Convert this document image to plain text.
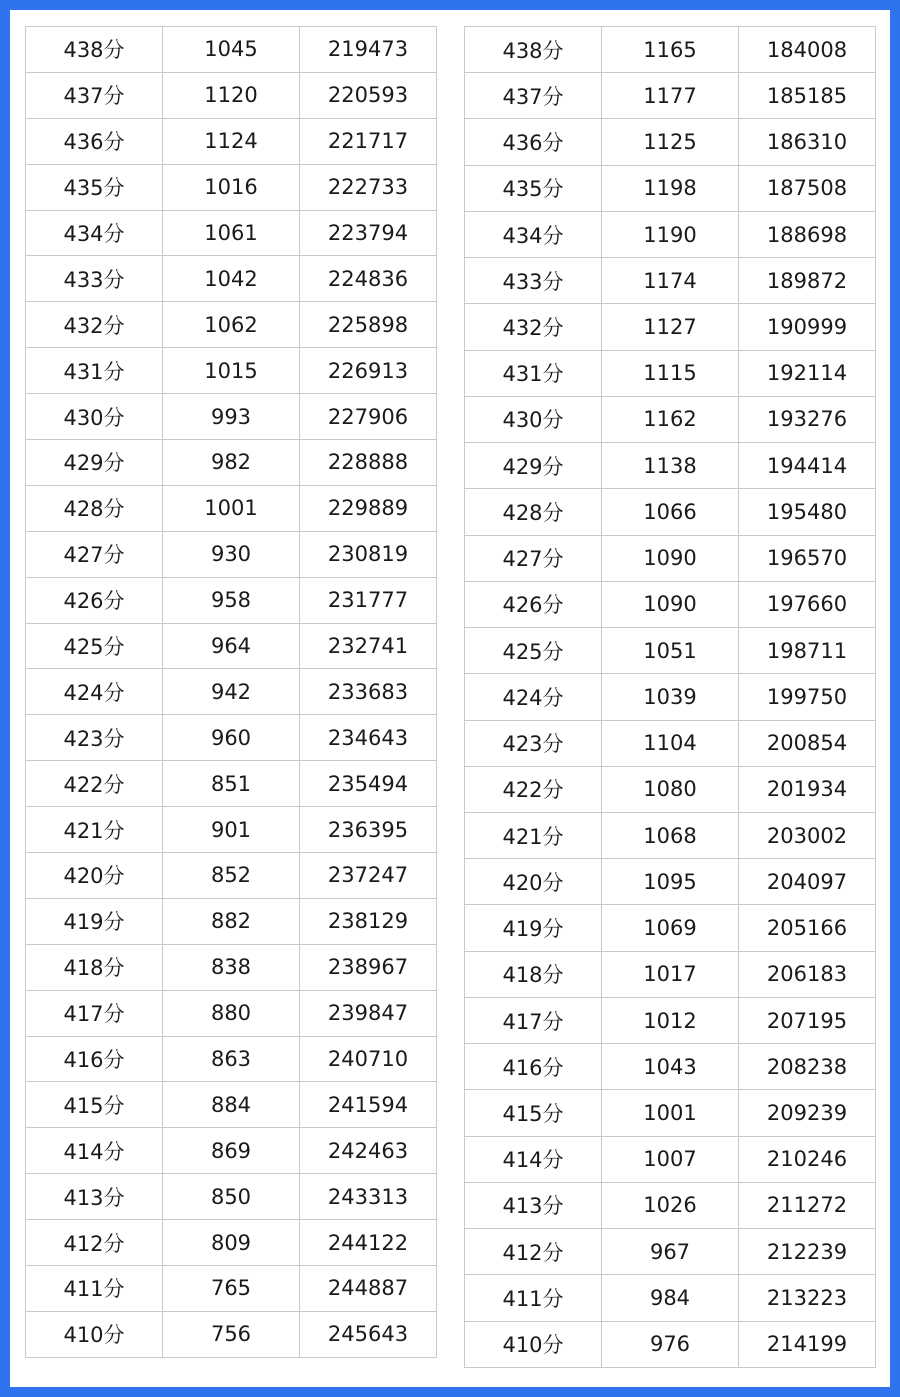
438分	1045	219473
437分	1120	220593
436分	1124	221717
435分	1016	222733
434分	1061	223794
433分	1042	224836
432分	1062	225898
431分	1015	226913
430分	993	227906
429分	982	228888
428分	1001	229889
427分	930	230819
426分	958	231777
425分	964	232741
424分	942	233683
423分	960	234643
422分	851	235494
421分	901	236395
420分	852	237247
419分	882	238129
418分	838	238967
417分	880	239847
416分	863	240710
415分	884	241594
414分	869	242463
413分	850	243313
412分	809	244122
411分	765	244887
410分	756	245643
438分	1165	184008
437分	1177	185185
436分	1125	186310
435分	1198	187508
434分	1190	188698
433分	1174	189872
432分	1127	190999
431分	1115	192114
430分	1162	193276
429分	1138	194414
428分	1066	195480
427分	1090	196570
426分	1090	197660
425分	1051	198711
424分	1039	199750
423分	1104	200854
422分	1080	201934
421分	1068	203002
420分	1095	204097
419分	1069	205166
418分	1017	206183
417分	1012	207195
416分	1043	208238
415分	1001	209239
414分	1007	210246
413分	1026	211272
412分	967	212239
411分	984	213223
410分	976	214199
